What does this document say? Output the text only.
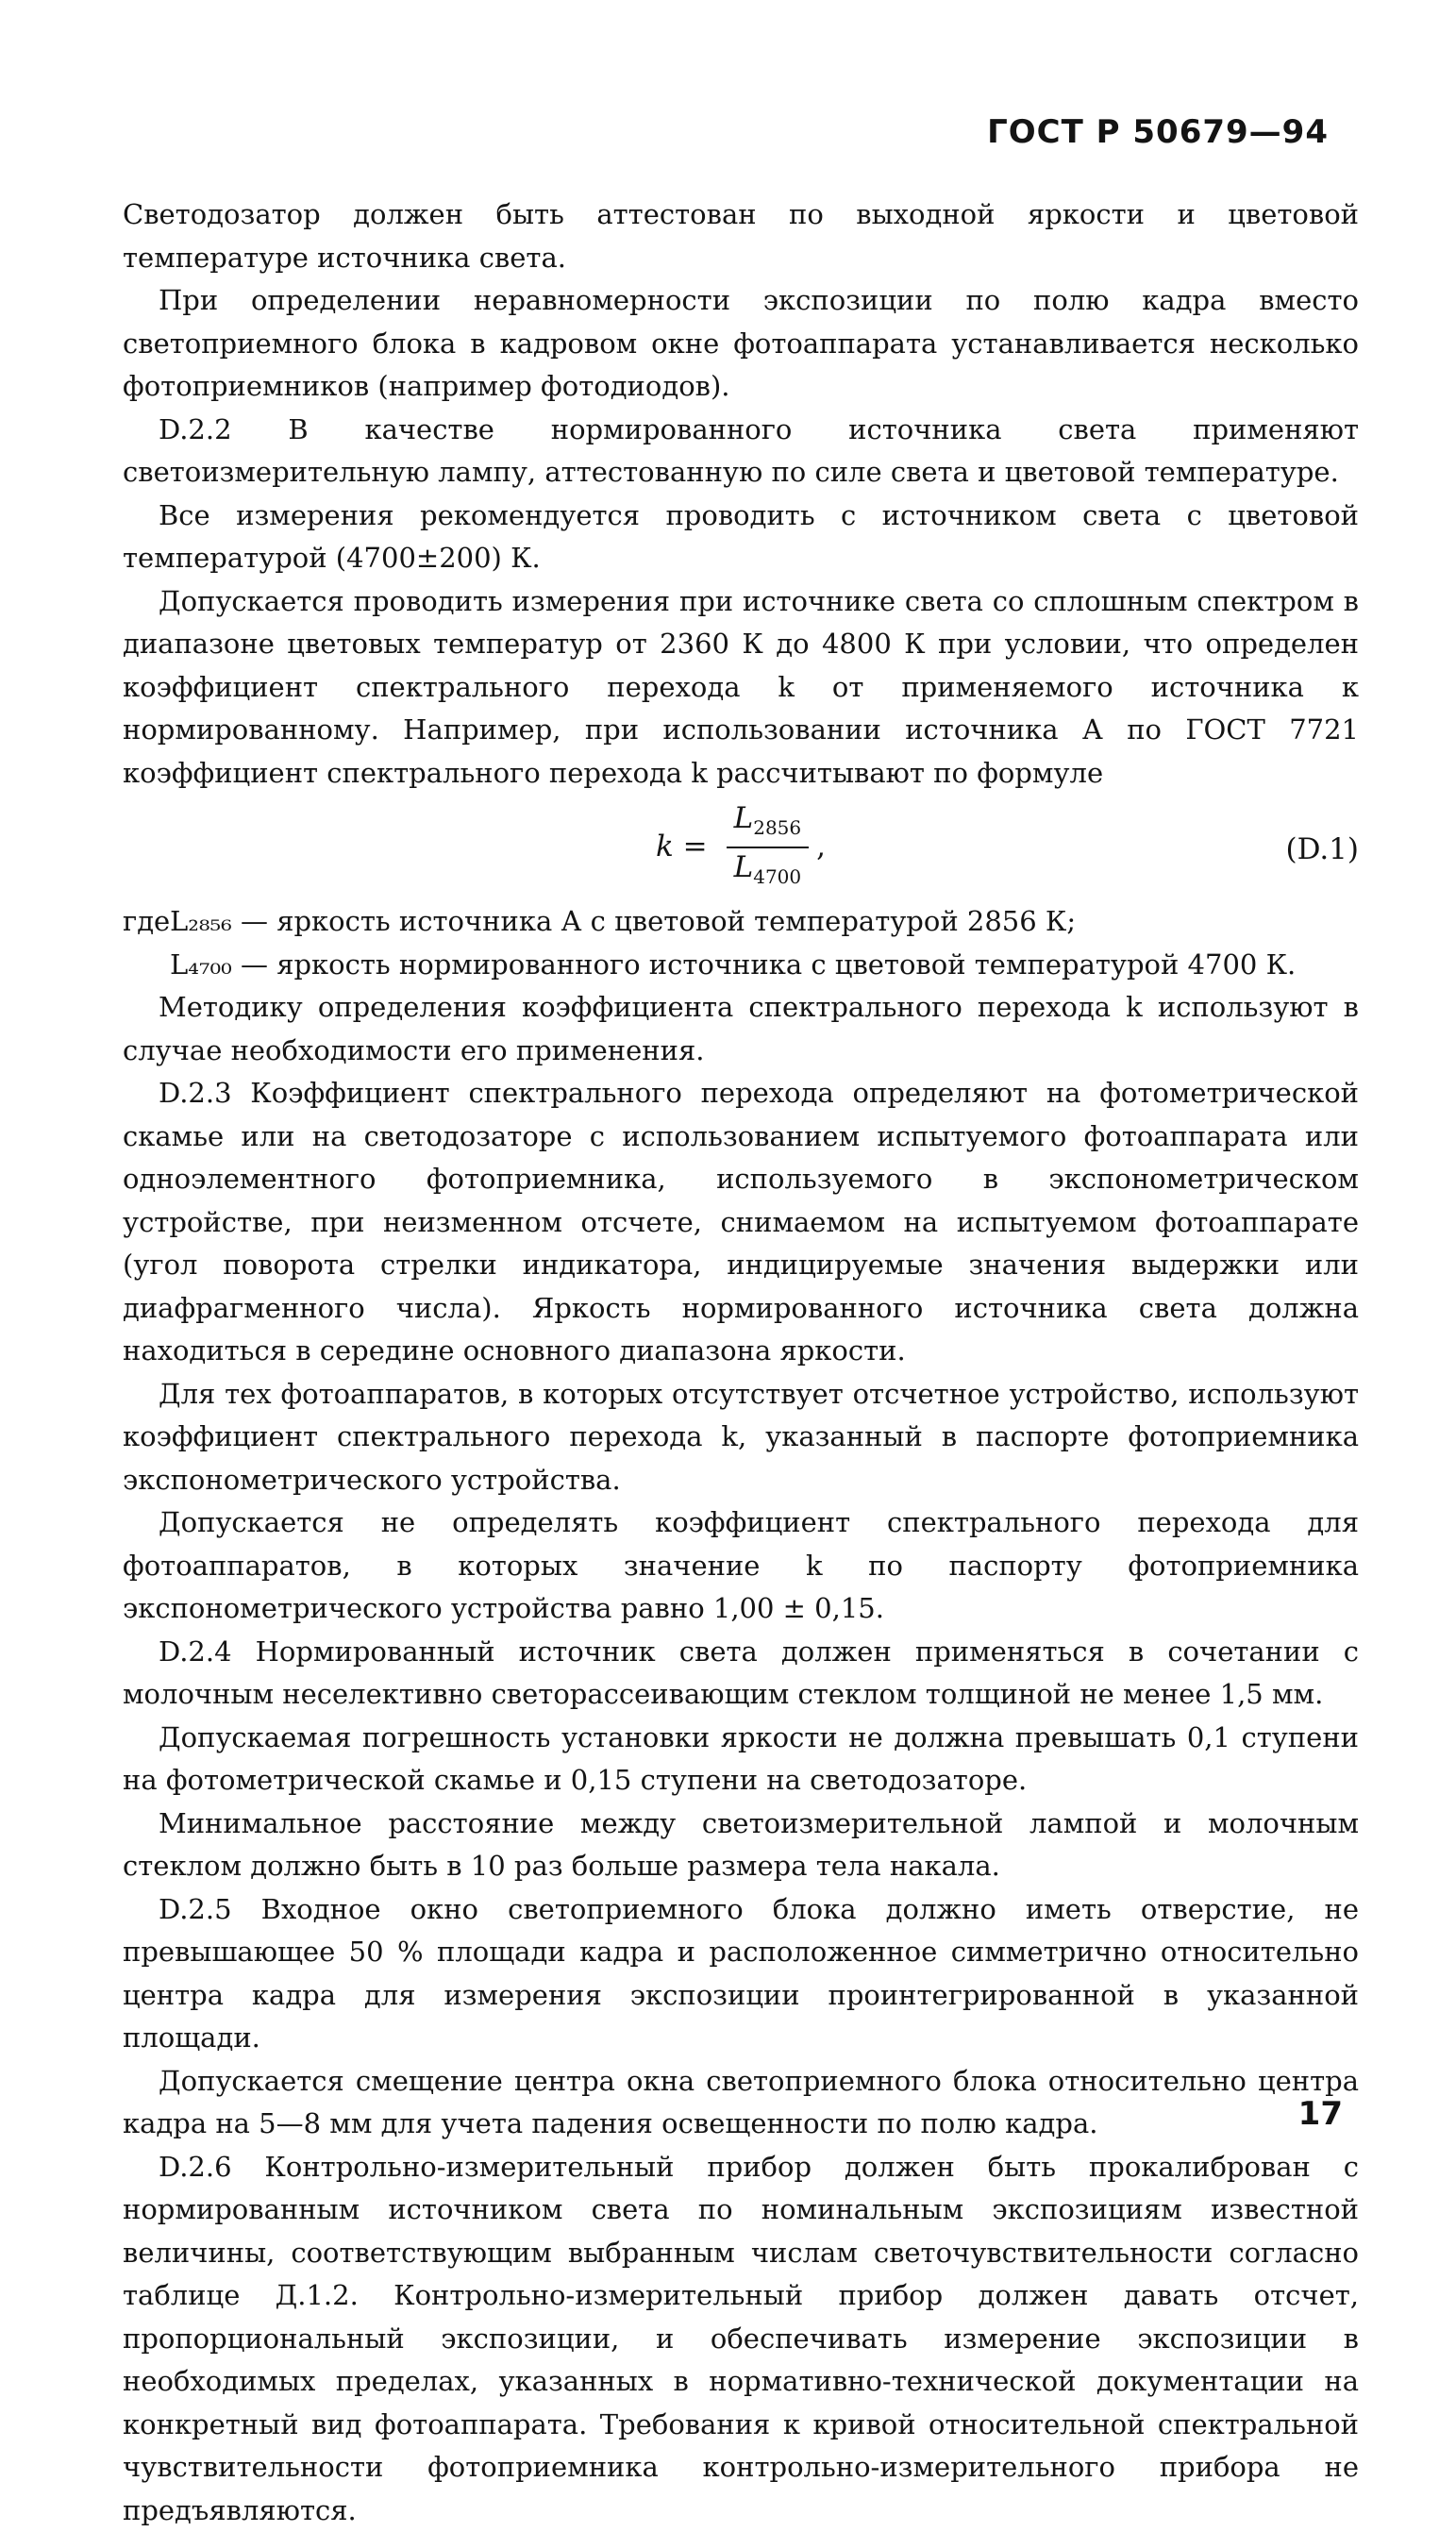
ГОСТ Р 50679—94

Светодозатор должен быть аттестован по выходной яркости и цветовой температуре источника света.

При определении неравномерности экспозиции по полю кадра вместо светоприемного блока в кадровом окне фотоаппарата устанавливается несколько фотоприемников (например фотодиодов).

D.2.2 В качестве нормированного источника света применяют светоизмерительную лампу, аттестованную по силе света и цветовой температуре.

Все измерения рекомендуется проводить с источником света с цветовой температурой (4700±200) К.

Допускается проводить измерения при источнике света со сплошным спектром в диапазоне цветовых температур от 2360 К до 4800 К при условии, что определен коэффициент спектрального перехода k от применяемого источника к нормированному. Например, при использовании источника А по ГОСТ 7721 коэффициент спектрального перехода k рассчитывают по формуле

$k = \frac{L_{2856}}{L_{4700}}$ ,	(D.1)
где L₂₈₅₆ — яркость источника А с цветовой температурой 2856 К;
L₄₇₀₀ — яркость нормированного источника с цветовой температурой 4700 К.

Методику определения коэффициента спектрального перехода k используют в случае необходимости его применения.

D.2.3 Коэффициент спектрального перехода определяют на фотометрической скамье или на светодозаторе с использованием испытуемого фотоаппарата или одноэлементного фотоприемника, используемого в экспонометрическом устройстве, при неизменном отсчете, снимаемом на испытуемом фотоаппарате (угол поворота стрелки индикатора, индицируемые значения выдержки или диафрагменного числа). Яркость нормированного источника света должна находиться в середине основного диапазона яркости.

Для тех фотоаппаратов, в которых отсутствует отсчетное устройство, используют коэффициент спектрального перехода k, указанный в паспорте фотоприемника экспонометрического устройства.

Допускается не определять коэффициент спектрального перехода для фотоаппаратов, в которых значение k по паспорту фотоприемника экспонометрического устройства равно 1,00 ± 0,15.

D.2.4 Нормированный источник света должен применяться в сочетании с молочным неселективно светорассеивающим стеклом толщиной не менее 1,5 мм.

Допускаемая погрешность установки яркости не должна превышать 0,1 ступени на фотометрической скамье и 0,15 ступени на светодозаторе.

Минимальное расстояние между светоизмерительной лампой и молочным стеклом должно быть в 10 раз больше размера тела накала.

D.2.5 Входное окно светоприемного блока должно иметь отверстие, не превышающее 50 % площади кадра и расположенное симметрично относительно центра кадра для измерения экспозиции проинтегрированной в указанной площади.

Допускается смещение центра окна светоприемного блока относительно центра кадра на 5—8 мм для учета падения освещенности по полю кадра.

D.2.6 Контрольно-измерительный прибор должен быть прокалиброван с нормированным источником света по номинальным экспозициям известной величины, соответствующим выбранным числам светочувствительности согласно таблице Д.1.2. Контрольно-измерительный прибор должен давать отсчет, пропорциональный экспозиции, и обеспечивать измерение экспозиции в необходимых пределах, указанных в нормативно-технической документации на конкретный вид фотоаппарата. Требования к кривой относительной спектральной чувствительности фотоприемника контрольно-измерительного прибора не предъявляются.

17
